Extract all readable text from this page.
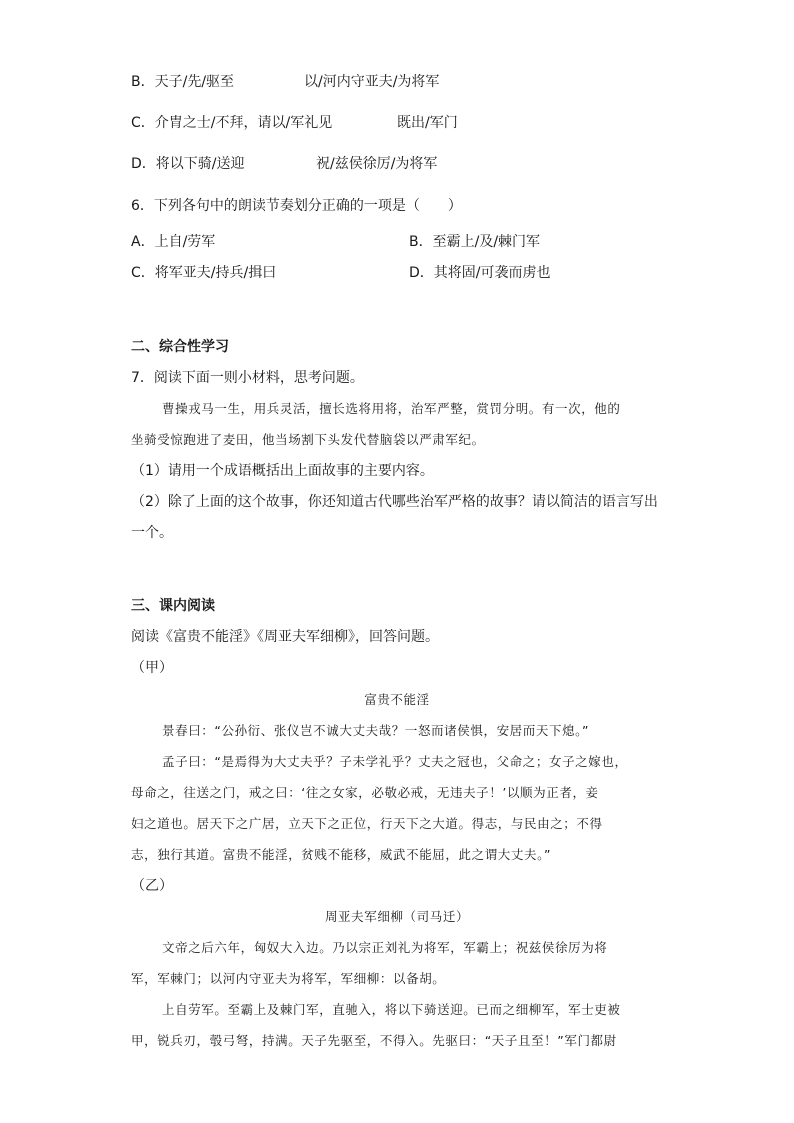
B．天子/先/驱至	以/河内守亚夫/为将军
C．介胄之士/不拜，请以/军礼见	既出/军门
D．将以下骑/送迎	祝/兹侯徐厉/为将军
6．下列各句中的朗读节奏划分正确的一项是（　　）
A．上自/劳军	B．至霸上/及/棘门军
C．将军亚夫/持兵/揖曰	D．其将固/可袭而虏也
二、综合性学习
7．阅读下面一则小材料，思考问题。
曹操戎马一生，用兵灵活，擅长选将用将，治军严整，赏罚分明。有一次，他的
坐骑受惊跑进了麦田，他当场割下头发代替脑袋以严肃军纪。
（1）请用一个成语概括出上面故事的主要内容。
（2）除了上面的这个故事，你还知道古代哪些治军严格的故事？请以简洁的语言写出
一个。
三、课内阅读
阅读《富贵不能淫》《周亚夫军细柳》，回答问题。
（甲）
富贵不能淫
景春曰：“公孙衍、张仪岂不诚大丈夫哉？一怒而诸侯惧，安居而天下熄。”
孟子曰：“是焉得为大丈夫乎？子未学礼乎？丈夫之冠也，父命之；女子之嫁也，
母命之，往送之门，戒之曰：‘往之女家，必敬必戒，无违夫子！’以顺为正者，妾
妇之道也。居天下之广居，立天下之正位，行天下之大道。得志，与民由之；不得
志，独行其道。富贵不能淫，贫贱不能移，威武不能屈，此之谓大丈夫。”
（乙）
周亚夫军细柳（司马迁）
文帝之后六年，匈奴大入边。乃以宗正刘礼为将军，军霸上；祝兹侯徐厉为将
军，军棘门；以河内守亚夫为将军，军细柳：以备胡。
上自劳军。至霸上及棘门军，直驰入，将以下骑送迎。已而之细柳军，军士吏被
甲，锐兵刃，彀弓弩，持满。天子先驱至，不得入。先驱曰：“天子且至！”军门都尉
